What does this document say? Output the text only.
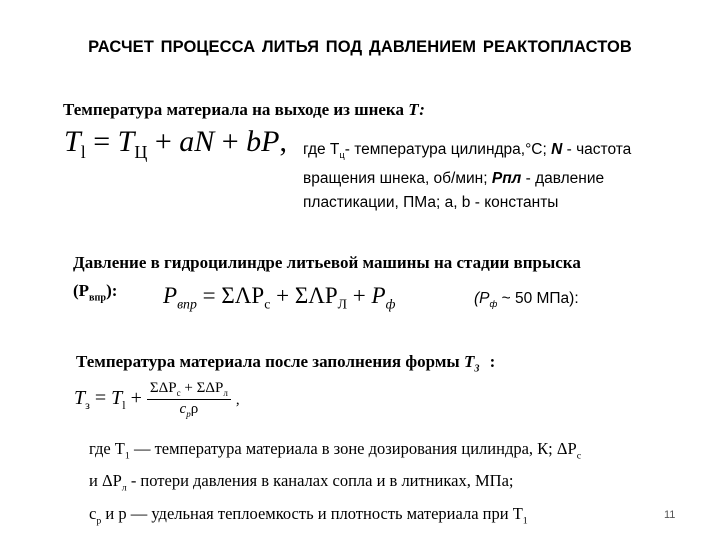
РАСЧЕТ ПРОЦЕССА ЛИТЬЯ ПОД ДАВЛЕНИЕМ РЕАКТОПЛАСТОВ
Температура материала на выходе из шнека Т:
$T_l = T_Ц$ + aN + bP, где $Т_ц-$ температура цилиндра,°С; N - частота
вращения шнека, об/мин; Рпл - давление
пластикации, ПМа; a, b - константы
Давление в гидроцилиндре литьевой машины на стадии впрыска
$(Р_{впр})$: $P_{впр} = \Sigma\Lambda P_c + \Sigma\Lambda P_Л + P_ф$	($P_ф$ ~ 50 МПа):
Температура материала после заполнения формы $Т_3$ :
$T_з = T_l + \frac{\Sigma\Delta P_c + \Sigma\Delta P_л}{c_p\rho}$ ,
где $T_1$ — температура материала в зоне дозирования цилиндра, К; $\Delta P_с$
и $\Delta P_л$ - потери давления в каналах сопла и в литниках, МПа;
$с_р$ и p — удельная теплоемкость и плотность материала при $T_1$	11
